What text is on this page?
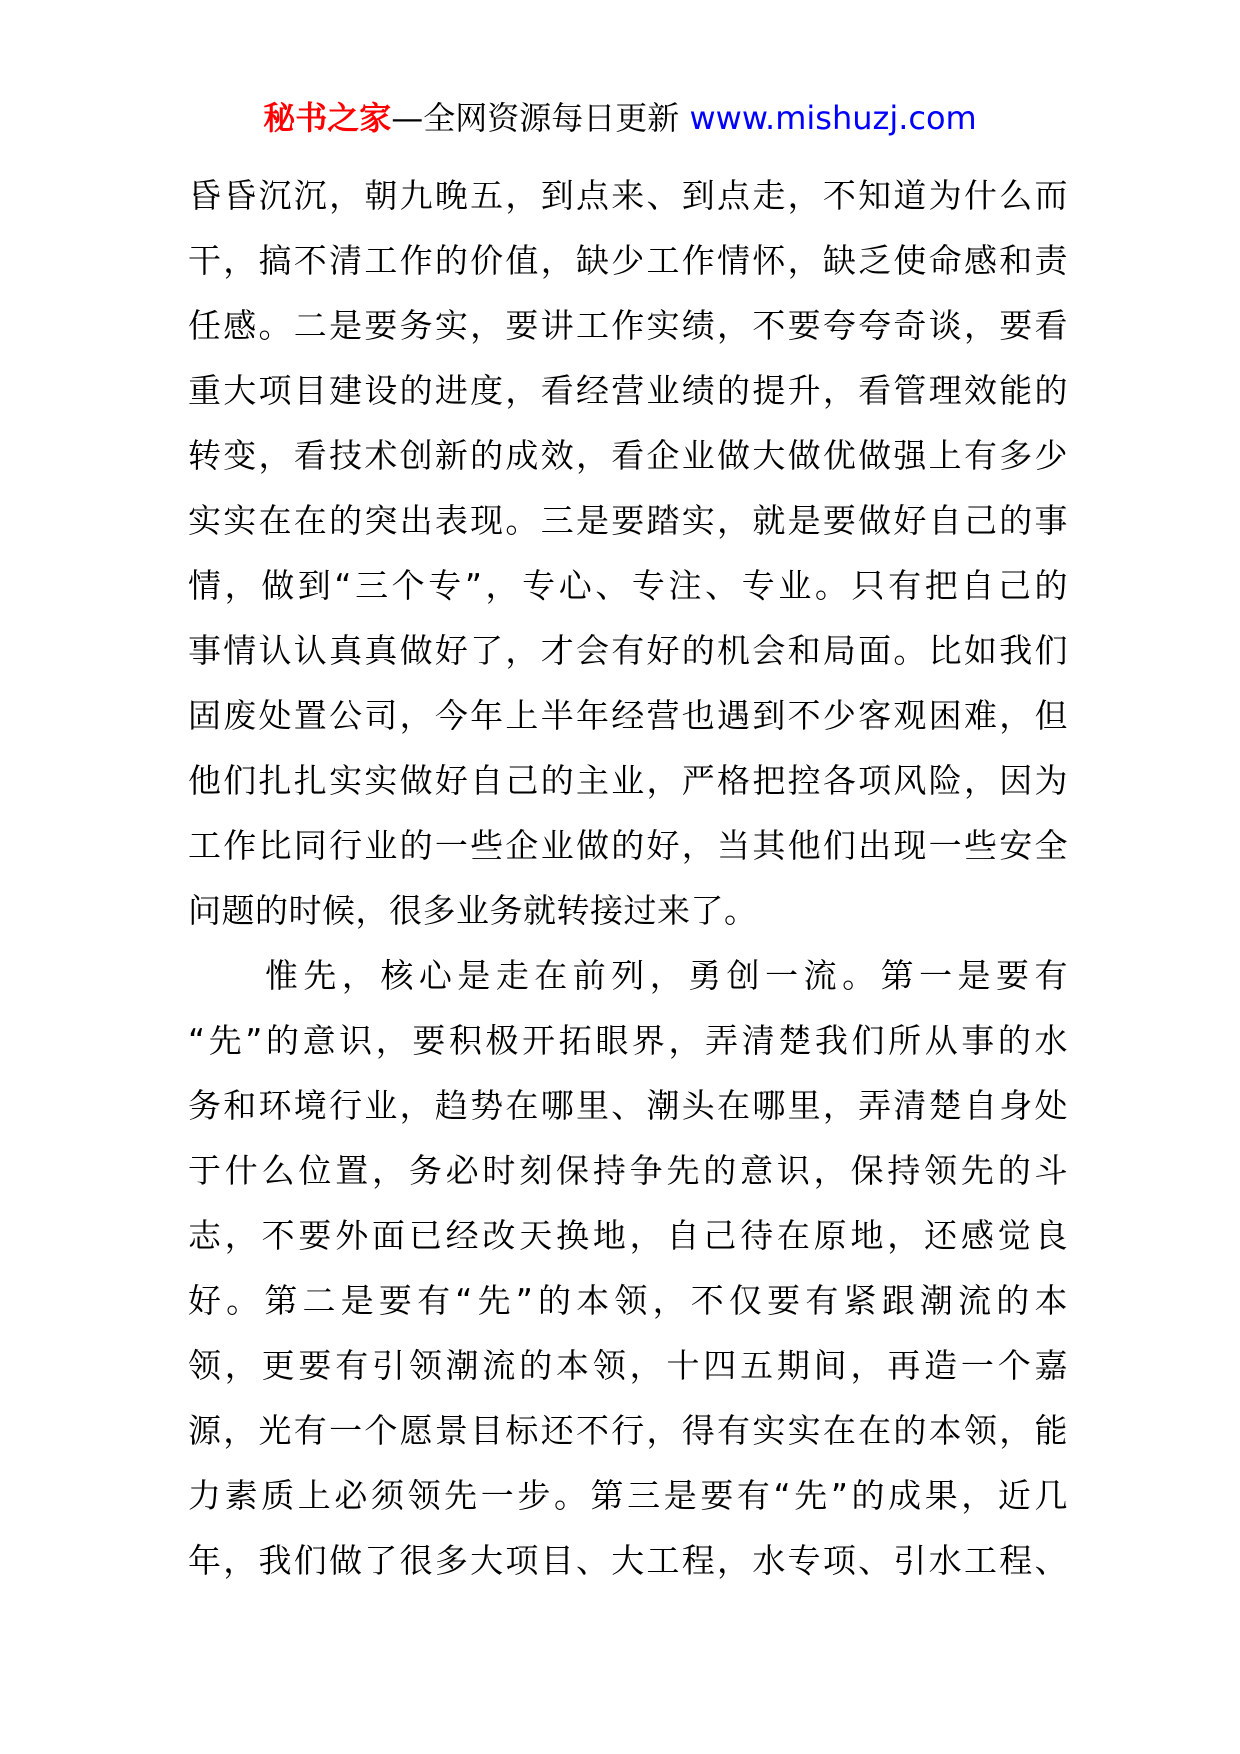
秘书之家—全网资源每日更新 www.mishuzj.com
昏昏沉沉，朝九晚五，到点来、到点走，不知道为什么而
干，搞不清工作的价值，缺少工作情怀，缺乏使命感和责
任感。二是要务实，要讲工作实绩，不要夸夸奇谈，要看
重大项目建设的进度，看经营业绩的提升，看管理效能的
转变，看技术创新的成效，看企业做大做优做强上有多少
实实在在的突出表现。三是要踏实，就是要做好自己的事
情，做到“三个专”，专心、专注、专业。只有把自己的
事情认认真真做好了，才会有好的机会和局面。比如我们
固废处置公司，今年上半年经营也遇到不少客观困难，但
他们扎扎实实做好自己的主业，严格把控各项风险，因为
工作比同行业的一些企业做的好，当其他们出现一些安全
问题的时候，很多业务就转接过来了。
　　惟先，核心是走在前列，勇创一流。第一是要有
“先”的意识，要积极开拓眼界，弄清楚我们所从事的水
务和环境行业，趋势在哪里、潮头在哪里，弄清楚自身处
于什么位置，务必时刻保持争先的意识，保持领先的斗
志，不要外面已经改天换地，自己待在原地，还感觉良
好。第二是要有“先”的本领，不仅要有紧跟潮流的本
领，更要有引领潮流的本领，十四五期间，再造一个嘉
源，光有一个愿景目标还不行，得有实实在在的本领，能
力素质上必须领先一步。第三是要有“先”的成果，近几
年，我们做了很多大项目、大工程，水专项、引水工程、
